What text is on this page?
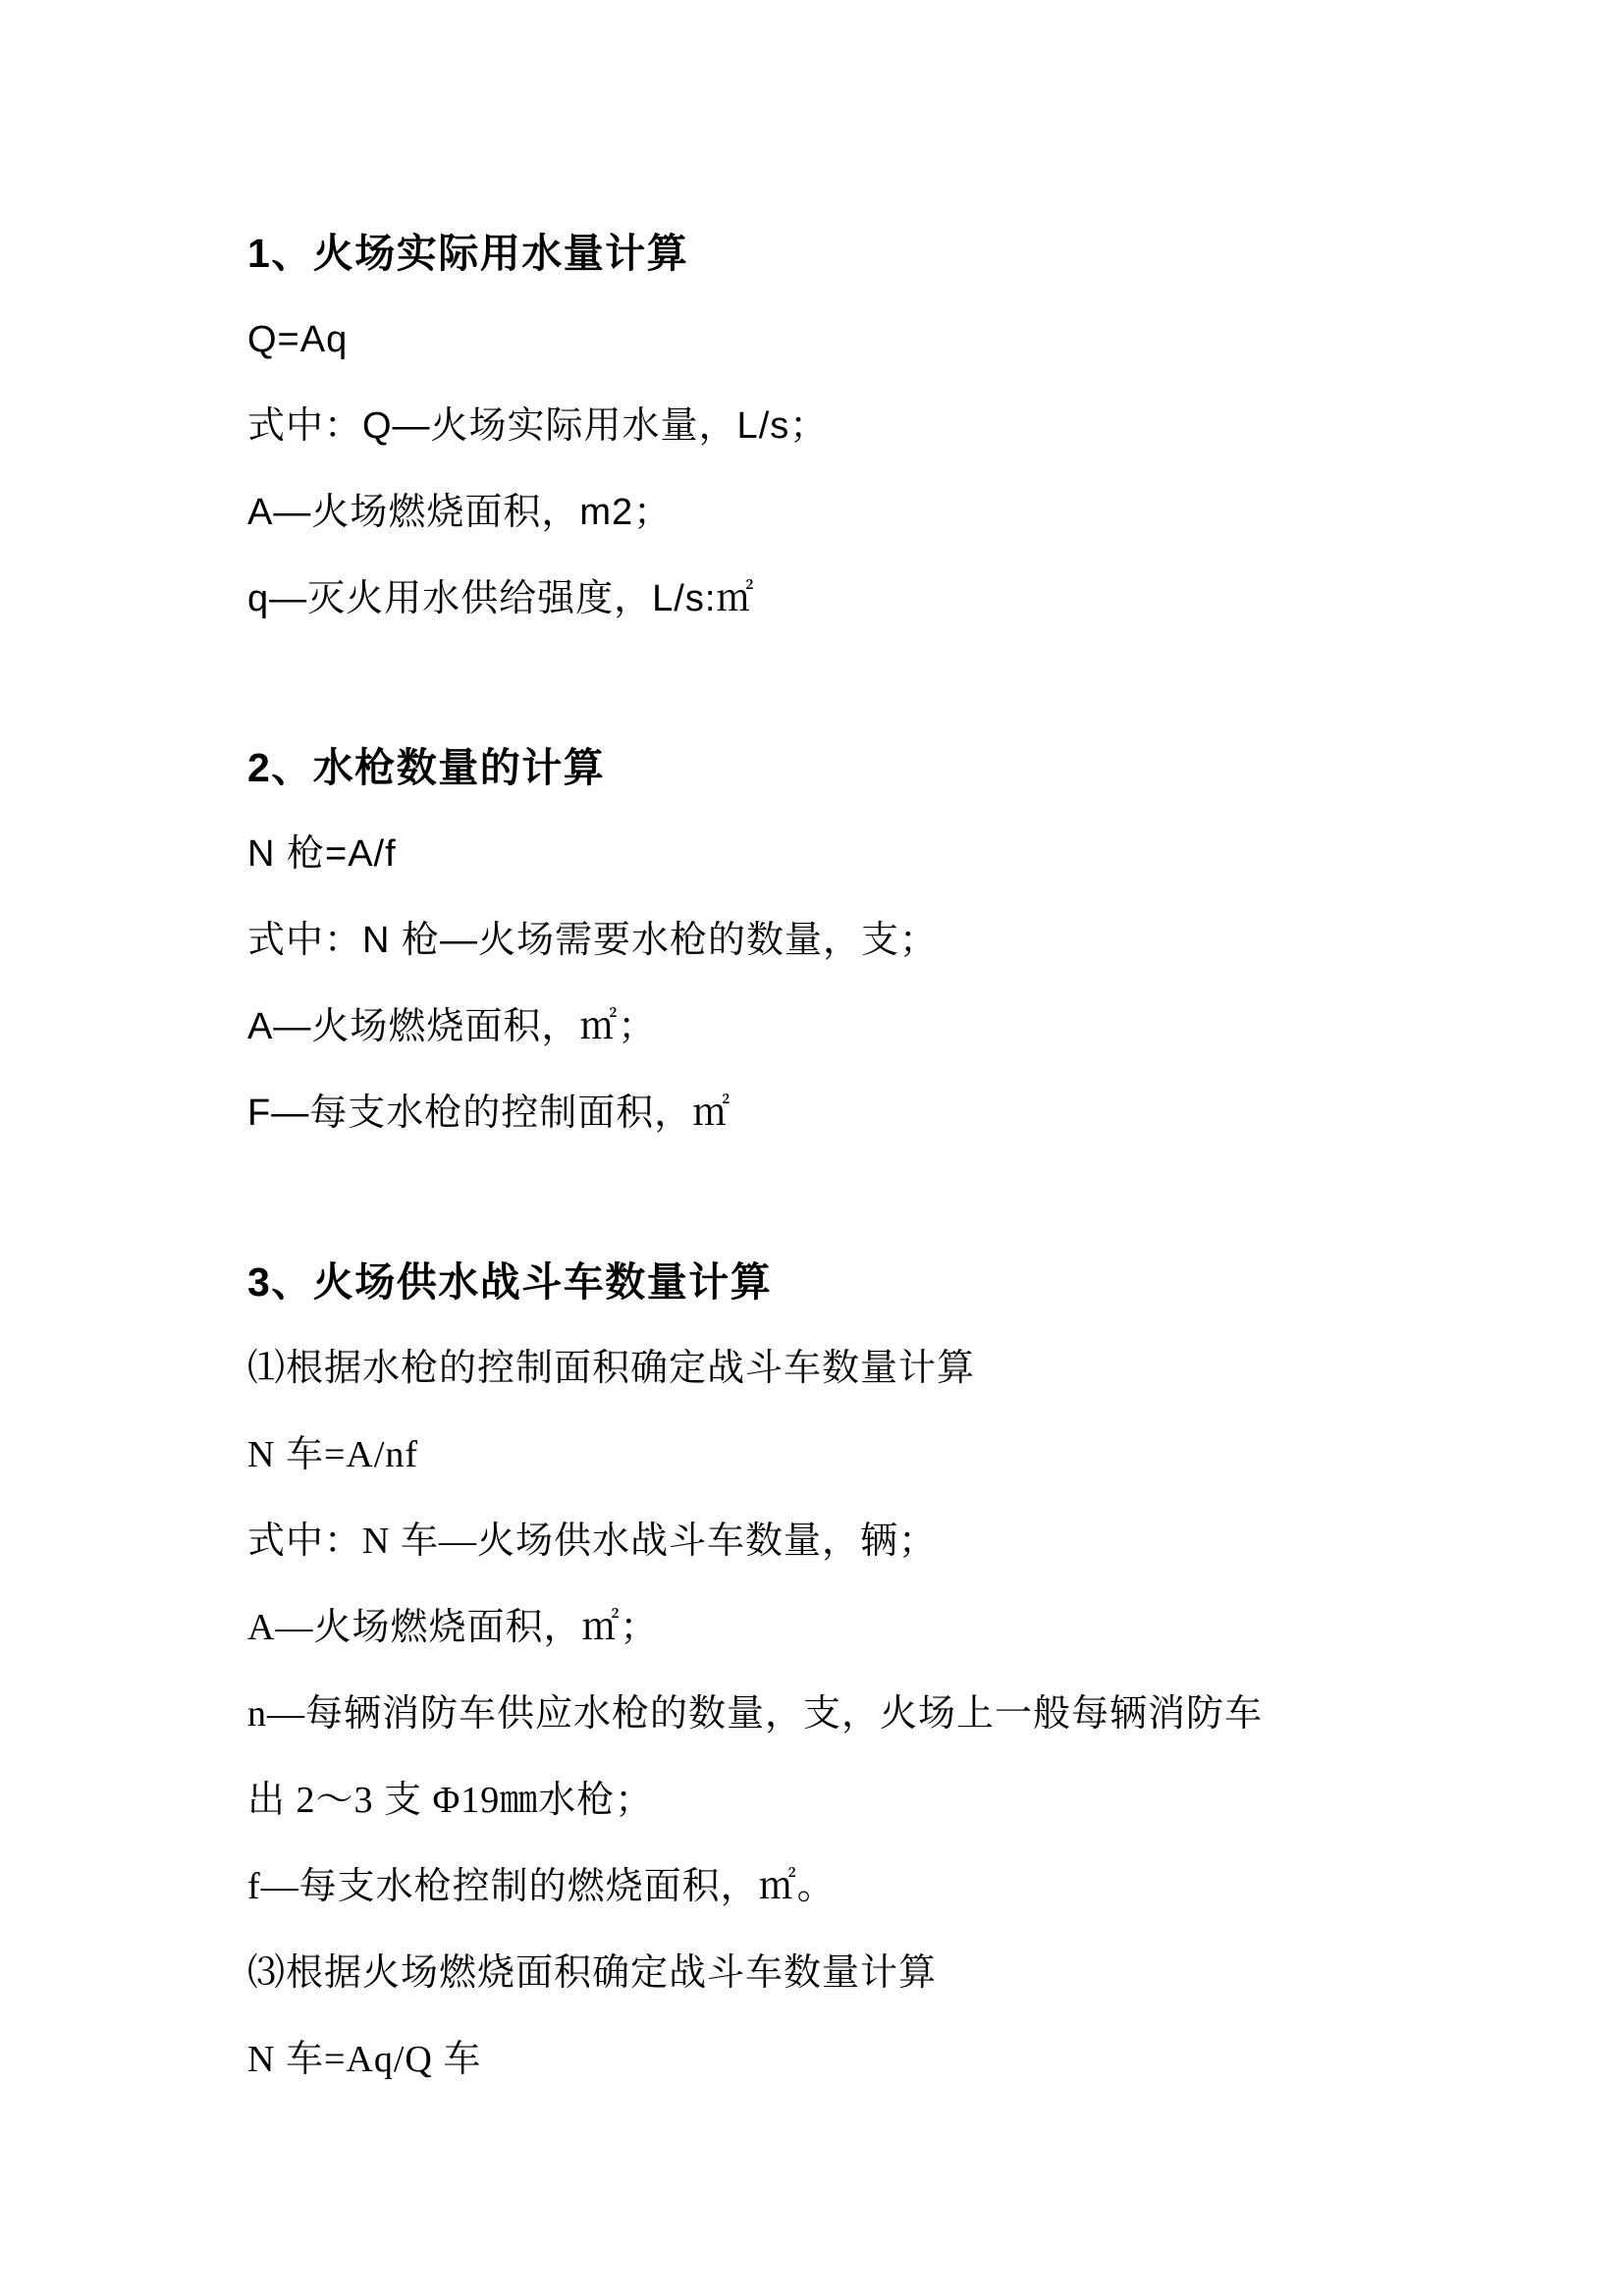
1、火场实际用水量计算
Q=Aq
式中：Q—火场实际用水量，L/s；
A—火场燃烧面积，m2；
q—灭火用水供给强度，L/s:㎡
2、水枪数量的计算
N 枪=A/f
式中：N 枪—火场需要水枪的数量，支；
A—火场燃烧面积，㎡；
F—每支水枪的控制面积，㎡
3、火场供水战斗车数量计算
⑴根据水枪的控制面积确定战斗车数量计算
N 车=A/nf
式中：N 车—火场供水战斗车数量，辆；
A—火场燃烧面积，㎡；
n—每辆消防车供应水枪的数量，支，火场上一般每辆消防车
出 2～3 支 Φ19㎜水枪；
f—每支水枪控制的燃烧面积，㎡。
⑶根据火场燃烧面积确定战斗车数量计算
N 车=Aq/Q 车
